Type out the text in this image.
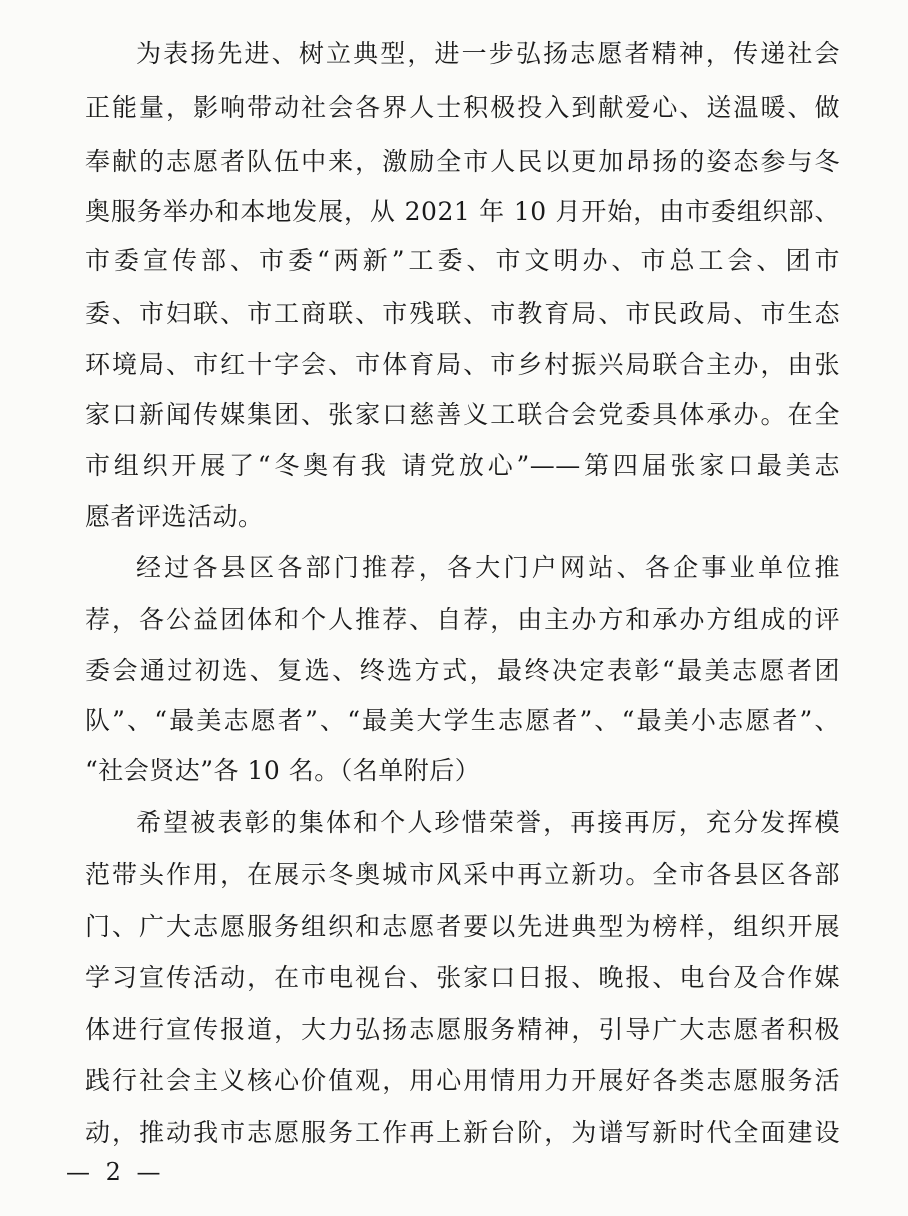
为表扬先进、树立典型，进一步弘扬志愿者精神，传递社会
正能量，影响带动社会各界人士积极投入到献爱心、送温暖、做
奉献的志愿者队伍中来，激励全市人民以更加昂扬的姿态参与冬
奥服务举办和本地发展，从 2021 年 10 月开始，由市委组织部、
市委宣传部、市委“两新”工委、市文明办、市总工会、团市
委、市妇联、市工商联、市残联、市教育局、市民政局、市生态
环境局、市红十字会、市体育局、市乡村振兴局联合主办，由张
家口新闻传媒集团、张家口慈善义工联合会党委具体承办。在全
市组织开展了“冬奥有我 请党放心”——第四届张家口最美志
愿者评选活动。
经过各县区各部门推荐，各大门户网站、各企事业单位推
荐，各公益团体和个人推荐、自荐，由主办方和承办方组成的评
委会通过初选、复选、终选方式，最终决定表彰“最美志愿者团
队”、“最美志愿者”、“最美大学生志愿者”、“最美小志愿者”、
“社会贤达”各 10 名。（名单附后）
希望被表彰的集体和个人珍惜荣誉，再接再厉，充分发挥模
范带头作用，在展示冬奥城市风采中再立新功。全市各县区各部
门、广大志愿服务组织和志愿者要以先进典型为榜样，组织开展
学习宣传活动，在市电视台、张家口日报、晚报、电台及合作媒
体进行宣传报道，大力弘扬志愿服务精神，引导广大志愿者积极
践行社会主义核心价值观，用心用情用力开展好各类志愿服务活
动，推动我市志愿服务工作再上新台阶，为谱写新时代全面建设
— 2 —
